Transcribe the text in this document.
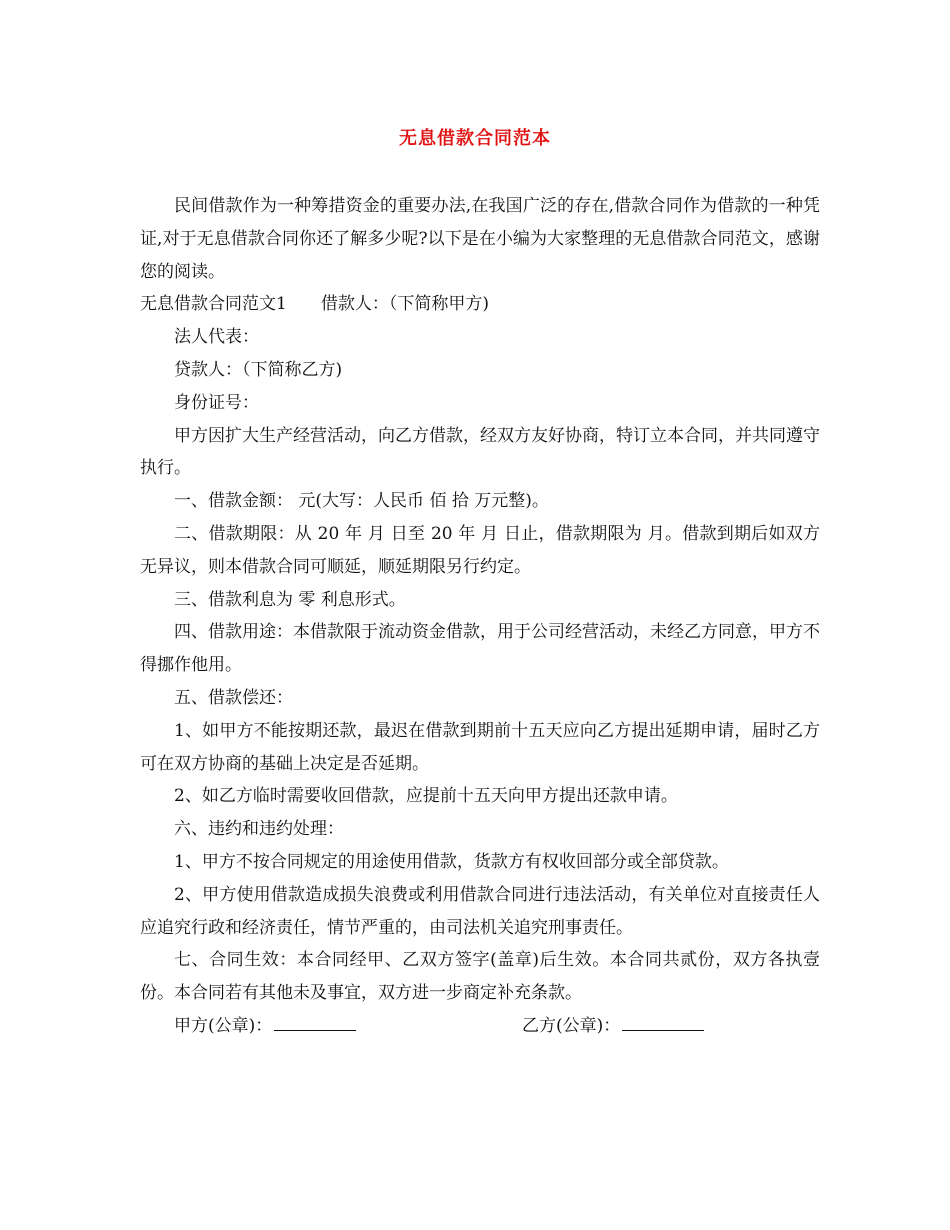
无息借款合同范本

民间借款作为一种筹措资金的重要办法,在我国广泛的存在,借款合同作为借款的一种凭证,对于无息借款合同你还了解多少呢?以下是在小编为大家整理的无息借款合同范文，感谢您的阅读。

无息借款合同范文1 借款人：（下简称甲方)

法人代表：

贷款人：（下简称乙方)

身份证号：

甲方因扩大生产经营活动，向乙方借款，经双方友好协商，特订立本合同，并共同遵守执行。

一、借款金额： 元(大写：人民币 佰 拾 万元整)。

二、借款期限：从 20 年 月 日至 20 年 月 日止，借款期限为 月。借款到期后如双方无异议，则本借款合同可顺延，顺延期限另行约定。

三、借款利息为 零 利息形式。

四、借款用途：本借款限于流动资金借款，用于公司经营活动，未经乙方同意，甲方不得挪作他用。

五、借款偿还：

1、如甲方不能按期还款，最迟在借款到期前十五天应向乙方提出延期申请，届时乙方可在双方协商的基础上决定是否延期。

2、如乙方临时需要收回借款，应提前十五天向甲方提出还款申请。

六、违约和违约处理：

1、甲方不按合同规定的用途使用借款，货款方有权收回部分或全部贷款。

2、甲方使用借款造成损失浪费或利用借款合同进行违法活动，有关单位对直接责任人应追究行政和经济责任，情节严重的，由司法机关追究刑事责任。

七、合同生效：本合同经甲、乙双方签字(盖章)后生效。本合同共贰份，双方各执壹份。本合同若有其他未及事宜，双方进一步商定补充条款。

甲方(公章)：	乙方(公章)：
